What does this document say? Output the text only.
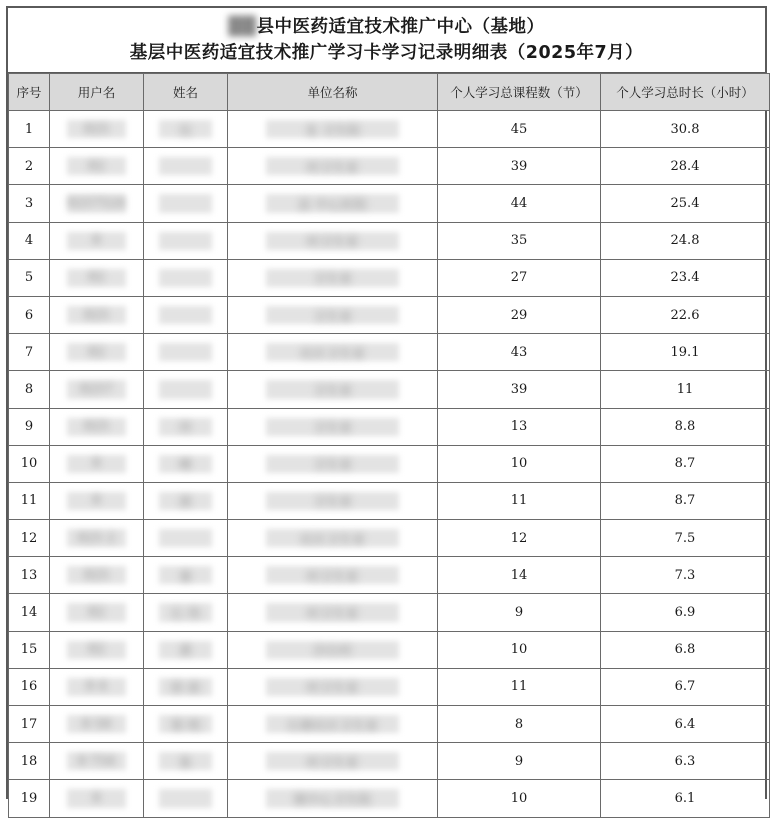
██县中医药适宜技术推广中心（基地）
基层中医药适宜技术推广学习卡学习记录明细表（2025年7月）
序号	用户名	姓名	单位名称	个人学习总课程数（节）	个人学习总时长（小时）
1	825	仪	龙 卫生院	45	30.8
2	82		村卫生室	39	28.4
3	8257524		县 中心医院	44	25.4
4	8		村卫生室	35	24.8
5	82		卫生室	27	23.4
6	825		卫生室	29	22.6
7	82		社区卫生室	43	19.1
8	8257		卫生室	39	11
9	825	玲	卫生室	13	8.8
10	8	峰	卫生室	10	8.7
11	8	波	卫生室	11	8.7
12	825 2		社区卫生室	12	7.5
13	825	秦	村卫生室	14	7.3
14	82	石 伟	村卫生室	9	6.9
15	82	黄	沙台村	10	6.8
16	8 4	徐 前	村卫生室	11	6.7
17	8 58	郑 明	石塘社区卫生室	8	6.4
18	8 754	张	村卫生室	9	6.3
19	8		镇中心卫生院	10	6.1
